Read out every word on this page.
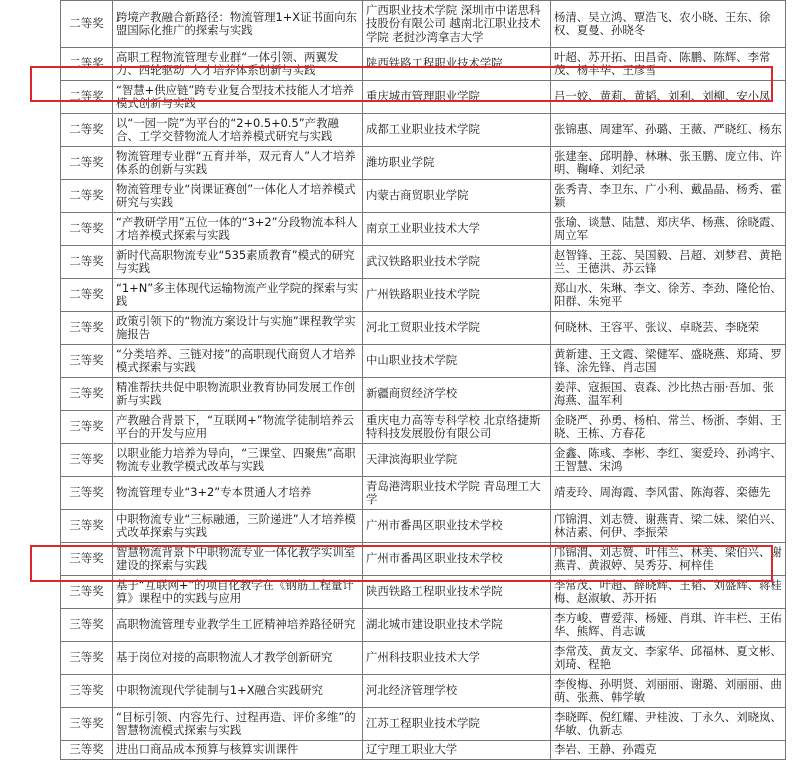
二等奖	跨境产教融合新路径：物流管理1+X证书面向东盟国际化推广的探索与实践	广西职业技术学院 深圳市中诺思科技股份有限公司 越南北江职业技术学院 老挝沙湾拿吉大学	杨清、吴立鸿、覃浩飞、农小晓、王东、徐权、夏曼、孙晓冬
二等奖	高职工程物流管理专业群“一体引领、两翼发力、四轮驱动”人才培养体系创新与实践	陕西铁路工程职业技术学院	叶超、苏开拓、田昌奇、陈鹏、陈辉、李常茂、杨丰华、王彦雪
二等奖	“智慧+供应链”跨专业复合型技术技能人才培养模式创新与实践	重庆城市管理职业学院	吕一姣、黄莉、黄韬、刘利、刘柳、安小凤
二等奖	以“一园一院”为平台的“2+0.5+0.5”产教融合、工学交替物流人才培养模式研究与实践	成都工业职业技术学院	张锦惠、周建军、孙璐、王薇、严晓红、杨东
二等奖	物流管理专业群“五育并举，双元育人”人才培养体系的创新与实践	潍坊职业学院	张建奎、邱明静、林琳、张玉鹏、庞立伟、许明、鞠峰、刘纪录
二等奖	物流管理专业“岗课证赛创”一体化人才培养模式研究与实践	内蒙古商贸职业学院	张秀青、李卫东、广小利、戴晶晶、杨秀、霍颖
二等奖	“产教研学用”五位一体的“3+2”分段物流本科人才培养模式探索与实践	南京工业职业技术大学	张瑜、谈慧、陆慧、郑庆华、杨燕、徐晓霞、周立军
二等奖	新时代高职物流专业“535素质教育”模式的研究与实践	武汉铁路职业技术学院	赵智锋、王蕊、吴国毅、吕超、刘梦君、黄艳兰、王德洪、苏云锋
二等奖	“1+N”多主体现代运输物流产业学院的探索与实践	广州铁路职业技术学院	郑山水、朱琳、李文、徐芳、李劲、隆伦怡、阳群、朱宛平
三等奖	政策引领下的“物流方案设计与实施”课程教学实施报告	河北工贸职业技术学院	何晓林、王容平、张议、卓晓芸、李晓荣
三等奖	“分类培养、三链对接”的高职现代商贸人才培养模式探索与实践	中山职业技术学院	黄新建、王文霞、梁健军、盛晓燕、郑琦、罗锋、涂先锋、肖志国
三等奖	精准帮扶共促中职物流职业教育协同发展工作创新与实践	新疆商贸经济学校	姜萍、寇振国、袁森、沙比热古丽·吾加、张海燕、温军利
三等奖	产教融合背景下，“互联网+”物流学徒制培养云平台的开发与应用	重庆电力高等专科学校 北京络捷斯特科技发展股份有限公司	金晓严、孙勇、杨柏、常兰、杨浙、李娟、王晓、王栋、方春花
三等奖	以职业能力培养为导向，“三课堂、四聚焦”高职物流专业教学模式改革与实践	天津滨海职业学院	金鑫、陈彧、李彬、李红、窦爱玲、孙鸿宇、王智慧、宋鸿
三等奖	物流管理专业“3+2”专本贯通人才培养	青岛港湾职业技术学院 青岛理工大学	靖麦玲、周海霞、李风雷、陈海蓉、栾德先
三等奖	中职物流专业“三标融通，三阶递进”人才培养模式改革探索与实践	广州市番禺区职业技术学校	邝锦渭、刘志赞、谢燕青、梁二妹、梁伯兴、林洁素、何伊、李振荣
三等奖	智慧物流背景下中职物流专业一体化教学实训室建设的探索与实践	广州市番禺区职业技术学校	邝锦渭、刘志赞、叶伟兰、林美、梁伯兴、谢燕青、黄淑婷、吴秀芬、柯梓佳
三等奖	基于“互联网+”的项目化教学在《钢筋工程量计算》课程中的实践与应用	陕西铁路工程职业技术学院	李常茂、叶超、薛晓辉、王韬、刘盛辉、蒋桂梅、赵淑敏、苏开拓
三等奖	高职物流管理专业教学生工匠精神培养路径研究	湖北城市建设职业技术学院	李方峻、曹爱萍、杨娅、肖琪、许丰栏、王佑华、熊辉、肖志诚
三等奖	基于岗位对接的高职物流人才教学创新研究	广州科技职业技术大学	李常茂、黄友文、李家华、邱福林、夏文彬、刘琦、程艳
三等奖	中职物流现代学徒制与1+X融合实践研究	河北经济管理学校	李俊梅、孙明贤、刘丽丽、谢璐、刘丽丽、曲萌、张燕、韩学敏
三等奖	“目标引领、内容先行、过程再造、评价多维”的智慧物流模式探索与实践	江苏工程职业技术学院	李晓晖、倪红耀、尹桂波、丁永久、刘晓岚、华敏、仇新志
三等奖	进出口商品成本预算与核算实训课件	辽宁理工职业大学	李岩、王静、孙霞克
